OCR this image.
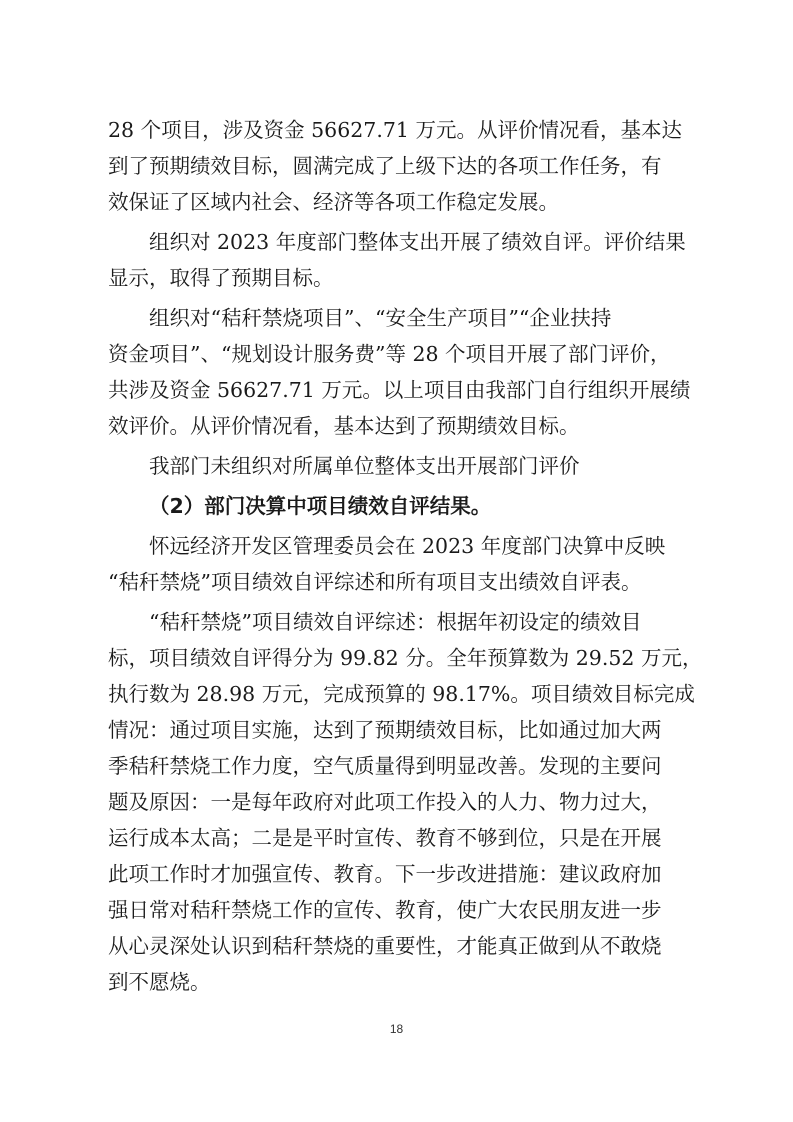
28 个项目，涉及资金 56627.71 万元。从评价情况看，基本达
到了预期绩效目标，圆满完成了上级下达的各项工作任务，有
效保证了区域内社会、经济等各项工作稳定发展。

组织对 2023 年度部门整体支出开展了绩效自评。评价结果
显示，取得了预期目标。

组织对“秸秆禁烧项目”、“安全生产项目”“企业扶持
资金项目”、“规划设计服务费”等 28 个项目开展了部门评价，
共涉及资金 56627.71 万元。以上项目由我部门自行组织开展绩
效评价。从评价情况看，基本达到了预期绩效目标。

我部门未组织对所属单位整体支出开展部门评价

（2）部门决算中项目绩效自评结果。

怀远经济开发区管理委员会在 2023 年度部门决算中反映
“秸秆禁烧”项目绩效自评综述和所有项目支出绩效自评表。

“秸秆禁烧”项目绩效自评综述：根据年初设定的绩效目
标，项目绩效自评得分为 99.82 分。全年预算数为 29.52 万元，
执行数为 28.98 万元，完成预算的 98.17%。项目绩效目标完成
情况：通过项目实施，达到了预期绩效目标，比如通过加大两
季秸秆禁烧工作力度，空气质量得到明显改善。发现的主要问
题及原因：一是每年政府对此项工作投入的人力、物力过大，
运行成本太高；二是是平时宣传、教育不够到位，只是在开展
此项工作时才加强宣传、教育。下一步改进措施：建议政府加
强日常对秸秆禁烧工作的宣传、教育，使广大农民朋友进一步
从心灵深处认识到秸秆禁烧的重要性，才能真正做到从不敢烧
到不愿烧。

18
